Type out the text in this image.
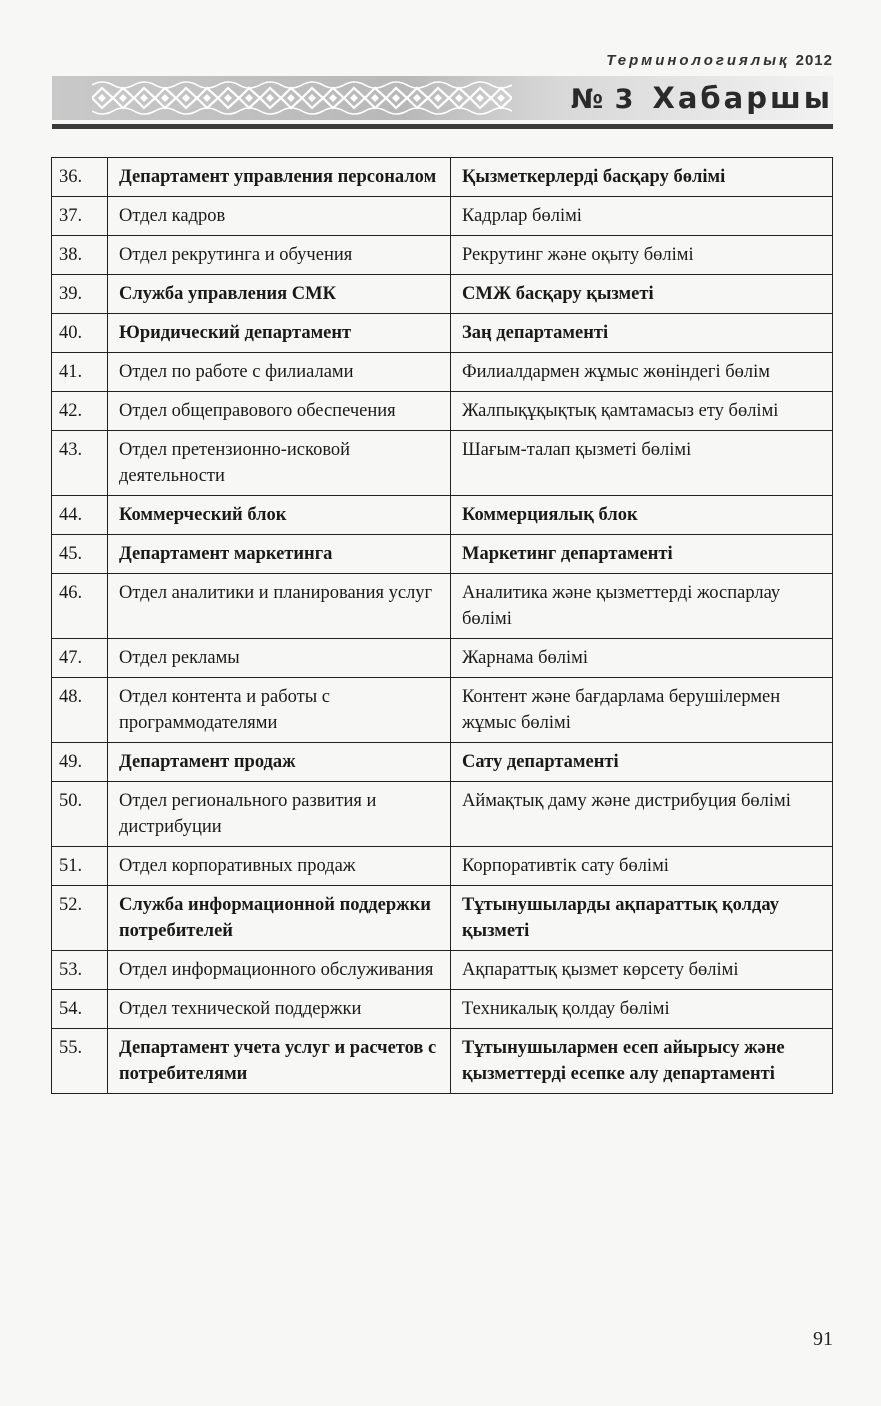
Терминологиялық 2012
№ 3 Хабаршы
36.	Департамент управления персоналом	Қызметкерлерді басқару бөлімі
37.	Отдел кадров	Кадрлар бөлімі
38.	Отдел рекрутинга и обучения	Рекрутинг және оқыту бөлімі
39.	Служба управления СМК	СМЖ басқару қызметі
40.	Юридический департамент	Заң департаменті
41.	Отдел по работе с филиалами	Филиалдармен жұмыс жөніндегі бөлім
42.	Отдел общеправового обеспечения	Жалпықұқықтық қамтамасыз ету бөлімі
43.	Отдел претензионно-исковой деятельности	Шағым-талап қызметі бөлімі
44.	Коммерческий блок	Коммерциялық блок
45.	Департамент маркетинга	Маркетинг департаменті
46.	Отдел аналитики и планирования услуг	Аналитика және қызметтерді жоспарлау бөлімі
47.	Отдел рекламы	Жарнама бөлімі
48.	Отдел контента и работы с программодателями	Контент және бағдарлама берушілермен жұмыс бөлімі
49.	Департамент продаж	Сату департаменті
50.	Отдел регионального развития и дистрибуции	Аймақтық даму және дистрибуция бөлімі
51.	Отдел корпоративных продаж	Корпоративтік сату бөлімі
52.	Служба информационной поддержки потребителей	Тұтынушыларды ақпараттық қолдау қызметі
53.	Отдел информационного обслуживания	Ақпараттық қызмет көрсету бөлімі
54.	Отдел технической поддержки	Техникалық қолдау бөлімі
55.	Департамент учета услуг и расчетов с потребителями	Тұтынушылармен есеп айырысу және қызметтерді есепке алу департаменті
91
